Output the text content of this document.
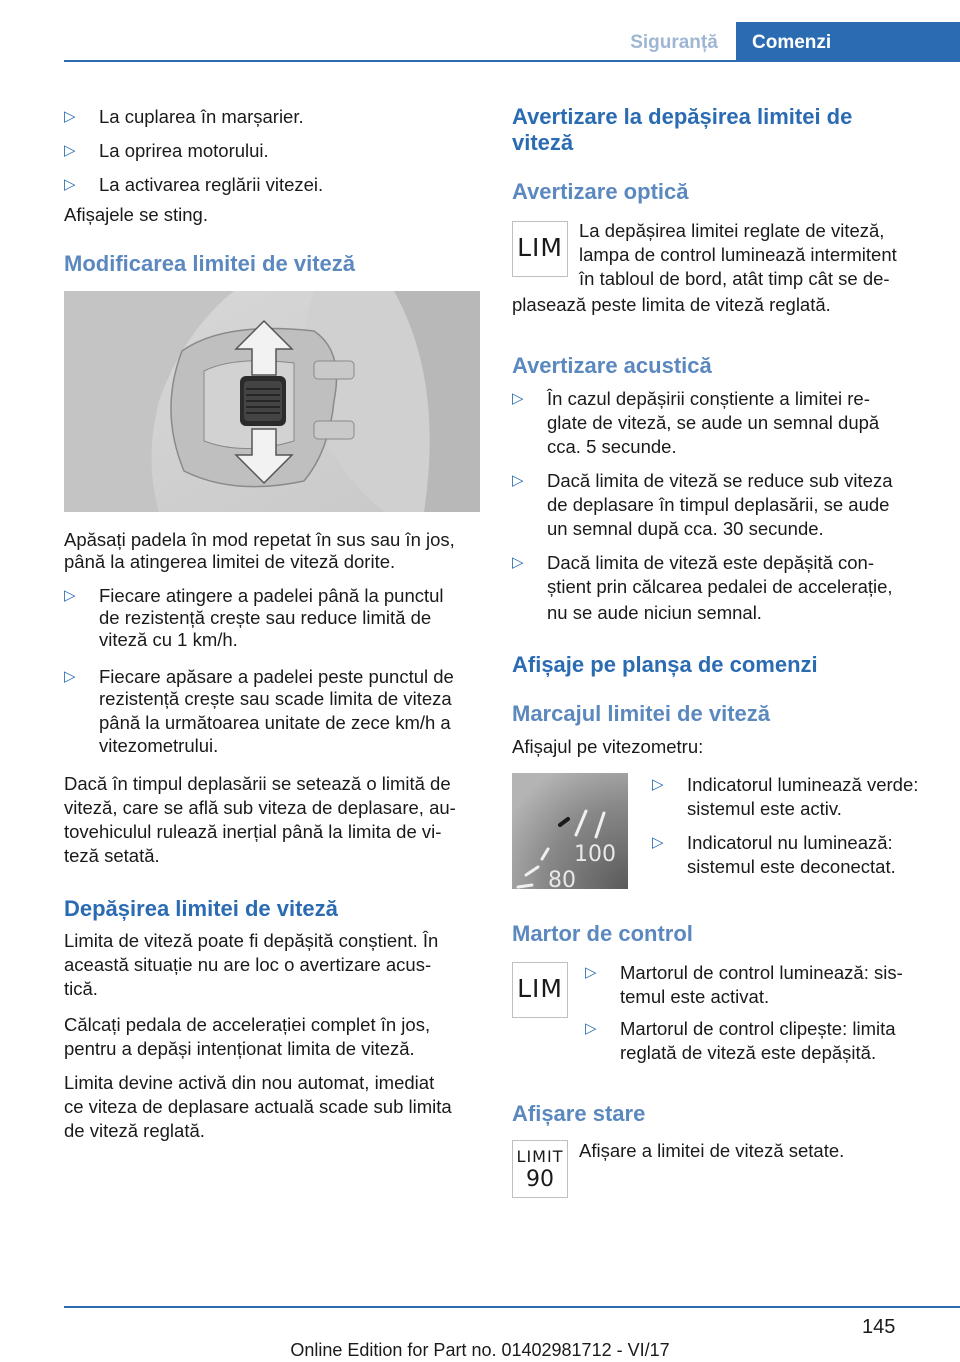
Siguranță	Comenzi
▷	La cuplarea în marșarier.
▷	La oprirea motorului.
▷	La activarea reglării vitezei.
Afișajele se sting.
Modificarea limitei de viteză
Apăsați padela în mod repetat în sus sau în jos,
până la atingerea limitei de viteză dorite.
▷	Fiecare atingere a padelei până la punctul
de rezistență crește sau reduce limită de
viteză cu 1 km/h.
▷	Fiecare apăsare a padelei peste punctul de
rezistență crește sau scade limita de viteza
până la următoarea unitate de zece km/h a
vitezometrului.
Dacă în timpul deplasării se setează o limită de
viteză, care se află sub viteza de deplasare, au‐
tovehiculul rulează inerțial până la limita de vi‐
teză setată.
Depășirea limitei de viteză
Limita de viteză poate fi depășită conștient. În
această situație nu are loc o avertizare acus‐
tică.
Călcați pedala de accelerației complet în jos,
pentru a depăși intenționat limita de viteză.
Limita devine activă din nou automat, imediat
ce viteza de deplasare actuală scade sub limita
de viteză reglată.
Avertizare la depășirea limitei de
viteză
Avertizare optică
LIM
La depășirea limitei reglate de viteză,
lampa de control luminează intermitent
în tabloul de bord, atât timp cât se de‐
plasează peste limita de viteză reglată.
Avertizare acustică
▷	În cazul depășirii conștiente a limitei re‐
glate de viteză, se aude un semnal după
cca. 5 secunde.
▷	Dacă limita de viteză se reduce sub viteza
de deplasare în timpul deplasării, se aude
un semnal după cca. 30 secunde.
▷	Dacă limita de viteză este depășită con‐
știent prin călcarea pedalei de accelerație,
nu se aude niciun semnal.
Afișaje pe planșa de comenzi
Marcajul limitei de viteză
Afișajul pe vitezometru:
100
80
▷	Indicatorul luminează verde:
sistemul este activ.
▷	Indicatorul nu luminează:
sistemul este deconectat.
Martor de control
LIM
▷	Martorul de control luminează: sis‐
temul este activat.
▷	Martorul de control clipește: limita
reglată de viteză este depășită.
Afișare stare
LIMIT
90
Afișare a limitei de viteză setate.
145
Online Edition for Part no. 01402981712 - VI/17
